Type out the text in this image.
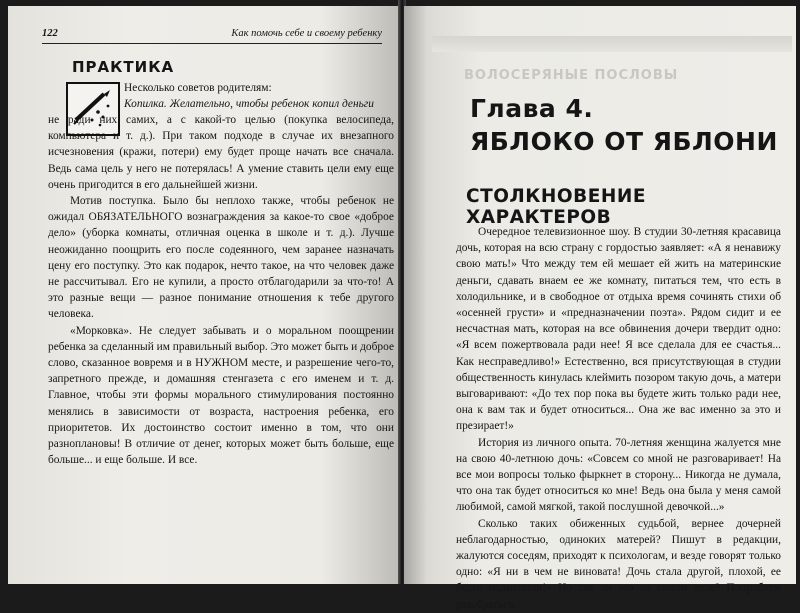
122	Как помочь себе и своему ребенку
ПРАКТИКА

Несколько советов родителям:

Копилка. Желательно, чтобы ребенок копил деньги

не ради них самих, а с какой-то целью (покупка велосипеда, компьютера и т. д.). При таком подходе в случае их внезапного исчезновения (кражи, потери) ему будет проще начать все сначала. Ведь сама цель у него не потерялась! А умение ставить цели ему еще очень пригодится в его дальнейшей жизни.

Мотив поступка. Было бы неплохо также, чтобы ребенок не ожидал ОБЯЗАТЕЛЬНОГО вознаграждения за какое-то свое «доброе дело» (уборка комнаты, отличная оценка в школе и т. д.). Лучше неожиданно поощрить его после содеянного, чем заранее назначать цену его поступку. Это как подарок, нечто такое, на что человек даже не рассчитывал. Его не купили, а просто отблагодарили за что-то! А это разные вещи — разное понимание отношения к тебе другого человека.

«Морковка». Не следует забывать и о моральном поощрении ребенка за сделанный им правильный выбор. Это может быть и доброе слово, сказанное вовремя и в НУЖНОМ месте, и разрешение чего-то, запретного прежде, и домашняя стенгазета с его именем и т. д. Главное, чтобы эти формы морального стимулирования постоянно менялись в зависимости от возраста, настроения ребенка, его приоритетов. Их достоинство состоит именно в том, что они разноплановы! В отличие от денег, которых может быть больше, еще больше... и еще больше. И все.

ВОЛОСЕРЯНЫЕ ПОСЛОВЫ
Глава 4.
ЯБЛОКО ОТ ЯБЛОНИ
СТОЛКНОВЕНИЕ ХАРАКТЕРОВ

Очередное телевизионное шоу. В студии 30-летняя красавица дочь, которая на всю страну с гордостью заявляет: «А я ненавижу свою мать!» Что между тем ей мешает ей жить на материнские деньги, сдавать внаем ее же комнату, питаться тем, что есть в холодильнике, и в свободное от отдыха время сочинять стихи об «осенней грусти» и «предназначении поэта». Рядом сидит и ее несчастная мать, которая на все обвинения дочери твердит одно: «Я всем пожертвовала ради нее! Я все сделала для ее счастья... Как несправедливо!» Естественно, вся присутствующая в студии общественность кинулась клеймить позором такую дочь, а матери выговаривают: «До тех пор пока вы будете жить только ради нее, она к вам так и будет относиться... Она же вас именно за это и презирает!»

История из личного опыта. 70-летняя женщина жалуется мне на свою 40-летнюю дочь: «Совсем со мной не разговаривает! На все мои вопросы только фыркнет в сторону... Никогда не думала, что она так будет относиться ко мне! Ведь она была у меня самой любимой, самой мягкой, такой послушной девочкой...»

Сколько таких обиженных судьбой, вернее дочерней неблагодарностью, одиноких матерей? Пишут в редакции, жалуются соседям, приходят к психологам, и везде говорят только одно: «Я ни в чем не виновата! Дочь стала другой, плохой, ее будто подменили!» Но так ли это на самом деле? Попробуем разобраться.
